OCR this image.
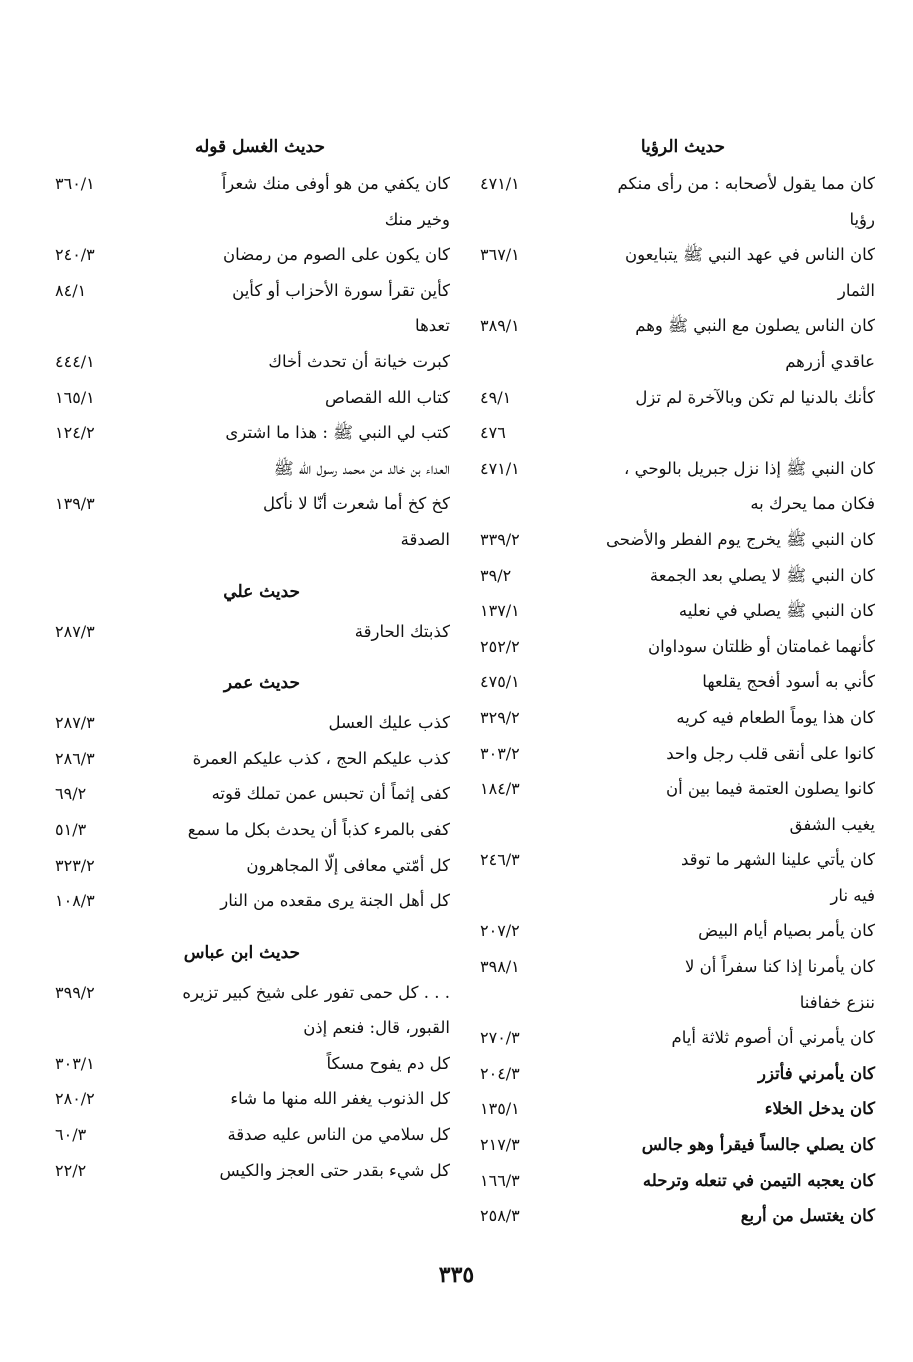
حديث الرؤيا
كان مما يقول لأصحابه : من رأى منكم
٤٧١/١
رؤيا
كان الناس في عهد النبي ﷺ يتبايعون
٣٦٧/١
الثمار
كان الناس يصلون مع النبي ﷺ وهم
٣٨٩/١
عاقدي أزرهم
كأنك بالدنيا لم تكن وبالآخرة لم تزل
٤٩/١
٤٧٦
كان النبي ﷺ إذا نزل جبريل بالوحي ،
٤٧١/١
فكان مما يحرك به
كان النبي ﷺ يخرج يوم الفطر والأضحى
٣٣٩/٢
كان النبي ﷺ لا يصلي بعد الجمعة
٣٩/٢
كان النبي ﷺ يصلي في نعليه
١٣٧/١
كأنهما غمامتان أو ظلتان سوداوان
٢٥٢/٢
كأني به أسود أفحج يقلعها
٤٧٥/١
كان هذا يوماً الطعام فيه كريه
٣٢٩/٢
كانوا على أنقى قلب رجل واحد
٣٠٣/٢
كانوا يصلون العتمة فيما بين أن
١٨٤/٣
يغيب الشفق
كان يأتي علينا الشهر ما توقد
٢٤٦/٣
فيه نار
كان يأمر بصيام أيام البيض
٢٠٧/٢
كان يأمرنا إذا كنا سفراً أن لا
٣٩٨/١
ننزع خفافنا
كان يأمرني أن أصوم ثلاثة أيام
٢٧٠/٣
كان يأمرني فأتزر
٢٠٤/٣
كان يدخل الخلاء
١٣٥/١
كان يصلي جالساً فيقرأ وهو جالس
٢١٧/٣
كان يعجبه التيمن في تنعله وترحله
١٦٦/٣
كان يغتسل من أربع
٢٥٨/٣
حديث الغسل قوله
كان يكفي من هو أوفى منك شعراً
٣٦٠/١
وخير منك
كان يكون على الصوم من رمضان
٢٤٠/٣
كأين تقرأ سورة الأحزاب أو كأين
٨٤/١
تعدها
كبرت خيانة أن تحدث أخاك
٤٤٤/١
كتاب الله القصاص
١٦٥/١
كتب لي النبي ﷺ : هذا ما اشترى
١٢٤/٢
العداء بن خالد من محمد رسول الله ﷺ
كخ كخ أما شعرت أنّا لا نأكل
١٣٩/٣
الصدقة
حديث علي
كذبتك الحارقة
٢٨٧/٣
حديث عمر
كذب عليك العسل
٢٨٧/٣
كذب عليكم الحج ، كذب عليكم العمرة
٢٨٦/٣
كفى إثماً أن تحبس عمن تملك قوته
٦٩/٢
كفى بالمرء كذباً أن يحدث بكل ما سمع
٥١/٣
كل أمّتي معافى إلّا المجاهرون
٣٢٣/٢
كل أهل الجنة يرى مقعده من النار
١٠٨/٣
حديث ابن عباس
. . . كل حمى تفور على شيخ كبير تزيره
٣٩٩/٢
القبور، قال: فنعم إذن
كل دم يفوح مسكاً
٣٠٣/١
كل الذنوب يغفر الله منها ما شاء
٢٨٠/٢
كل سلامي من الناس عليه صدقة
٦٠/٣
كل شيء بقدر حتى العجز والكيس
٢٢/٢
٣٣٥
